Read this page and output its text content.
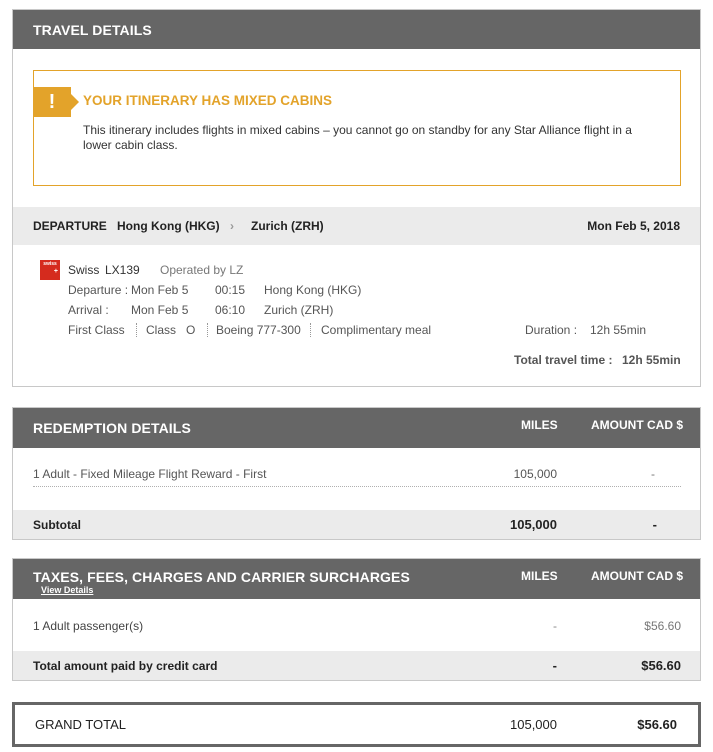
TRAVEL DETAILS
!	YOUR ITINERARY HAS MIXED CABINS
This itinerary includes flights in mixed cabins – you cannot go on standby for any Star Alliance flight in a lower cabin class.
DEPARTURE Hong Kong (HKG) › Zurich (ZRH)	Mon Feb 5, 2018
swiss
+ Swiss LX139 Operated by LZ
Departure : Mon Feb 5 00:15 Hong Kong (HKG)
Arrival : Mon Feb 5 06:10 Zurich (ZRH)
First Class Class O Boeing 777-300 Complimentary meal	Duration : 12h 55min
Total travel time : 12h 55min
REDEMPTION DETAILS	MILES	AMOUNT CAD $
1 Adult - Fixed Mileage Flight Reward - First	105,000	-
Subtotal	105,000	-
TAXES, FEES, CHARGES AND CARRIER SURCHARGES
View Details
MILES	AMOUNT CAD $
1 Adult passenger(s)	-	$56.60
Total amount paid by credit card	-	$56.60
GRAND TOTAL	105,000	$56.60
